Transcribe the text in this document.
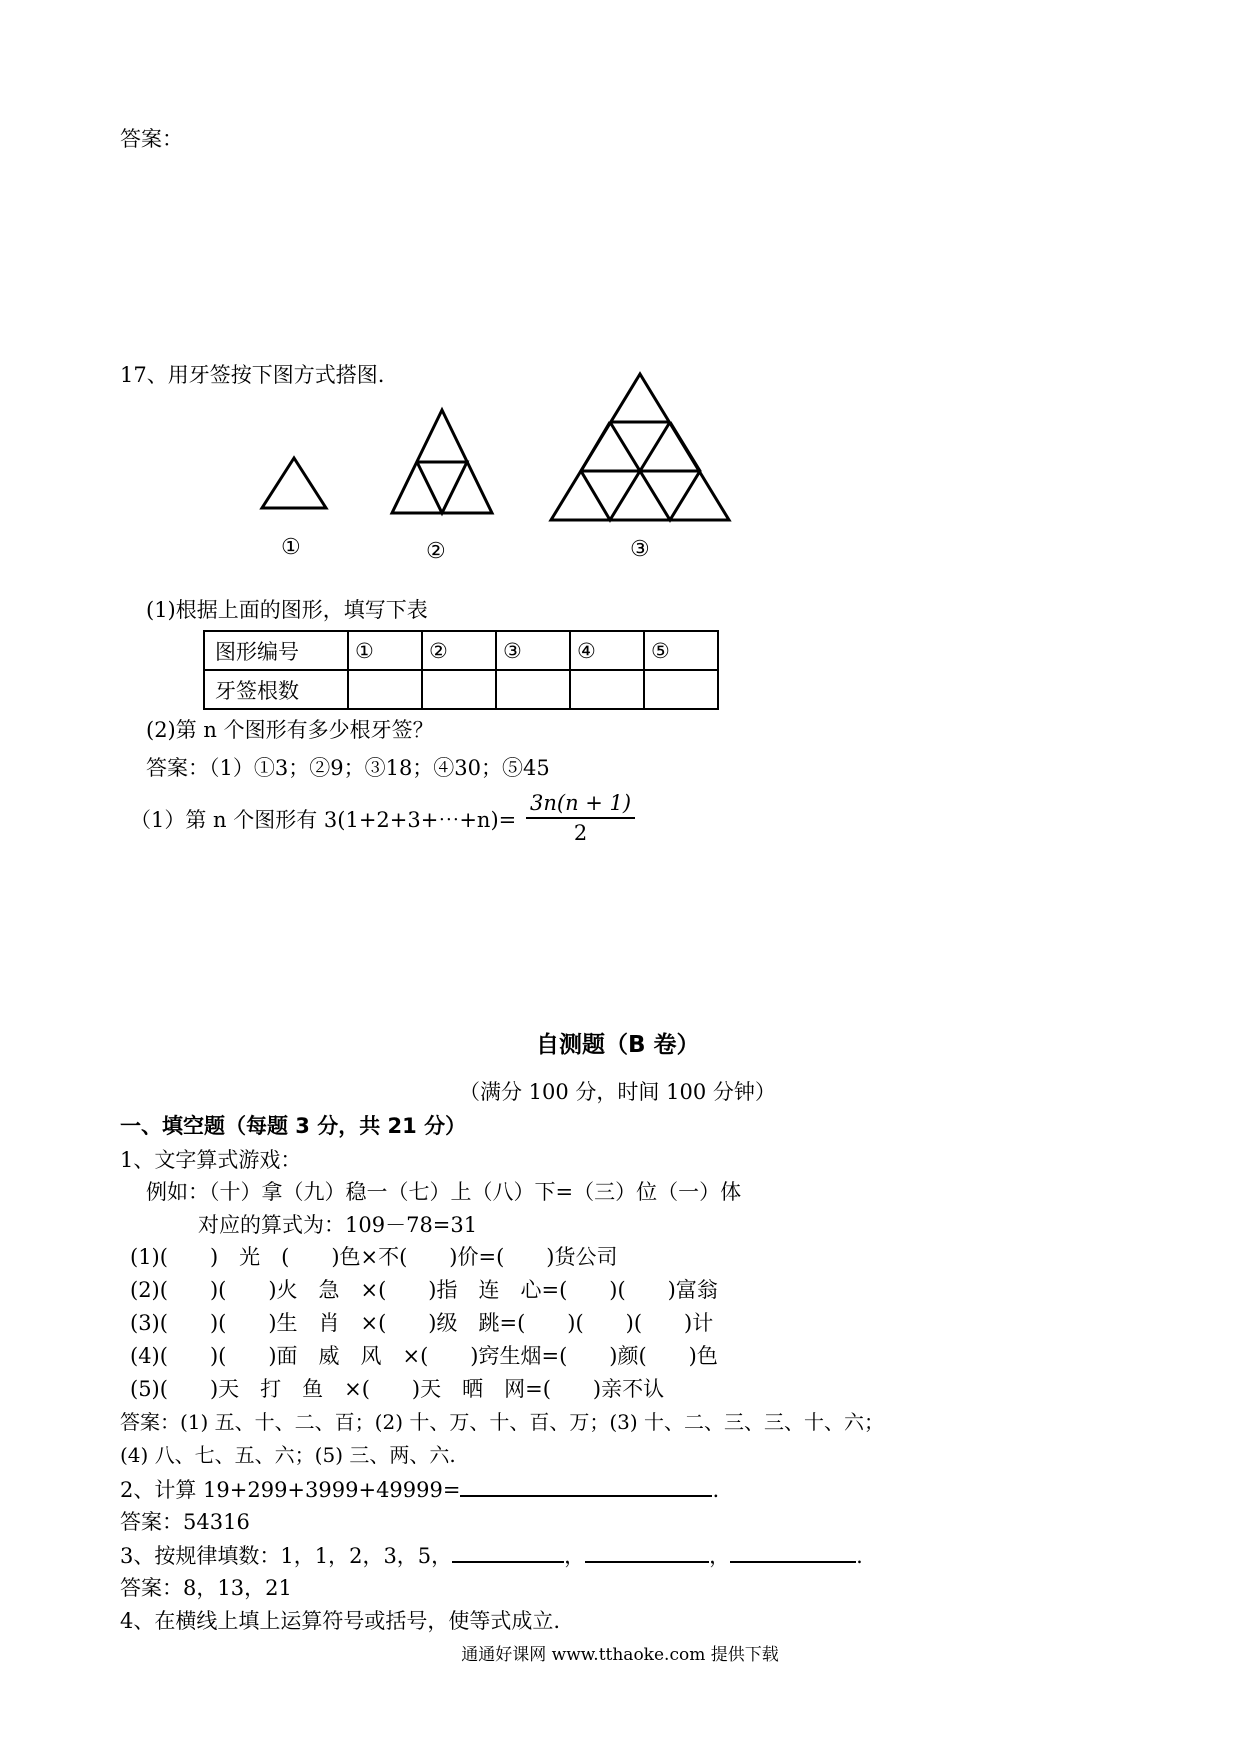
答案：
17、用牙签按下图方式搭图.
①	②	③
(1)根据上面的图形，填写下表
图形编号	①	②	③	④	⑤
牙签根数					
(2)第 n 个图形有多少根牙签？
答案：（1）①3；②9；③18；④30；⑤45
（1）第 n 个图形有 3(1+2+3+⋯+n)= $\frac{3n(n + 1)}{2}$
自测题（B 卷）
（满分 100 分，时间 100 分钟）
一、填空题（每题 3 分，共 21 分）
1、文字算式游戏：
例如：（十）拿（九）稳一（七）上（八）下=（三）位（一）体
对应的算式为：109－78=31
(1)(　　)　光　(　　)色×不(　　)价=(　　)货公司
(2)(　　)(　　)火　急　×(　　)指　连　心=(　　)(　　)富翁
(3)(　　)(　　)生　肖　×(　　)级　跳=(　　)(　　)(　　)计
(4)(　　)(　　)面　威　风　×(　　)窍生烟=(　　)颜(　　)色
(5)(　　)天　打　鱼　×(　　)天　晒　网=(　　)亲不认
答案：(1) 五、十、二、百；(2) 十、万、十、百、万；(3) 十、二、三、三、十、六；
(4) 八、七、五、六；(5) 三、两、六.
2、计算 19+299+3999+49999=	.
答案：54316
3、按规律填数：1，1，2，3，5，	，	，	.
答案：8，13，21
4、在横线上填上运算符号或括号，使等式成立.
通通好课网 www.tthaoke.com 提供下载
